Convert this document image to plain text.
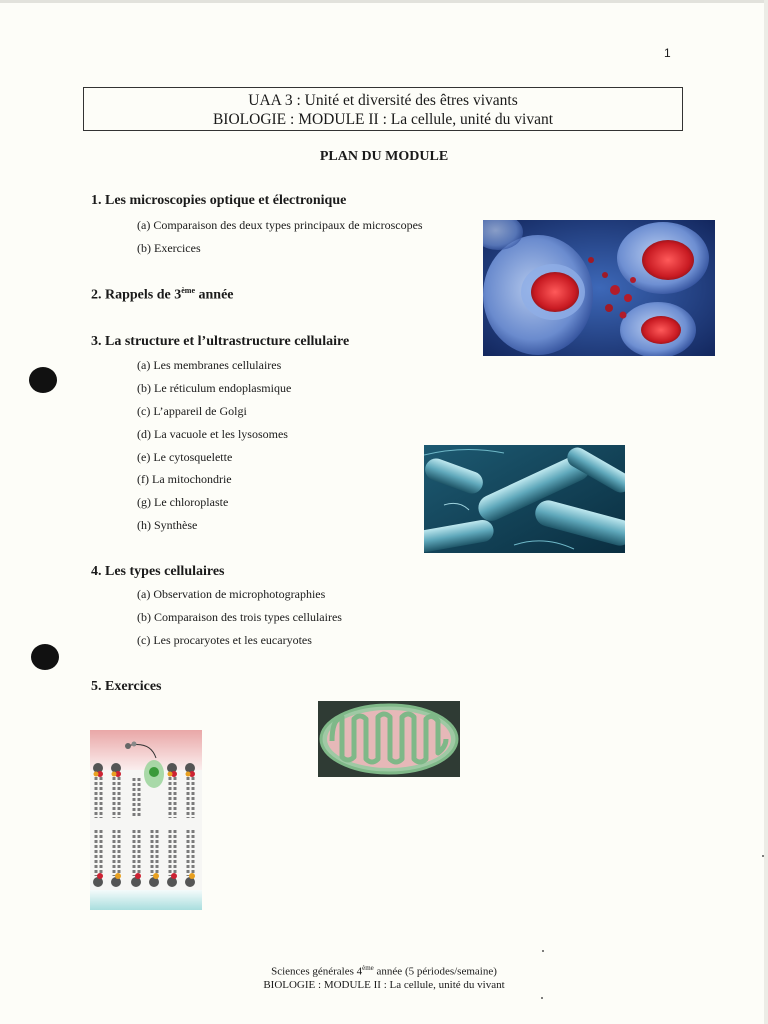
1
UAA 3 : Unité et diversité des êtres vivants
BIOLOGIE : MODULE II : La cellule, unité du vivant
PLAN DU MODULE
1. Les microscopies optique et électronique
(a) Comparaison des deux types principaux de microscopes
(b) Exercices
2. Rappels de 3ème année
3. La structure et l’ultrastructure cellulaire
(a) Les membranes cellulaires
(b) Le réticulum endoplasmique
(c) L’appareil de Golgi
(d) La vacuole et les lysosomes
(e) Le cytosquelette
(f) La mitochondrie
(g) Le chloroplaste
(h) Synthèse
4. Les types cellulaires
(a) Observation de microphotographies
(b) Comparaison des trois types cellulaires
(c) Les procaryotes et les eucaryotes
5. Exercices
Sciences générales 4ème année (5 périodes/semaine)
BIOLOGIE : MODULE II : La cellule, unité du vivant
